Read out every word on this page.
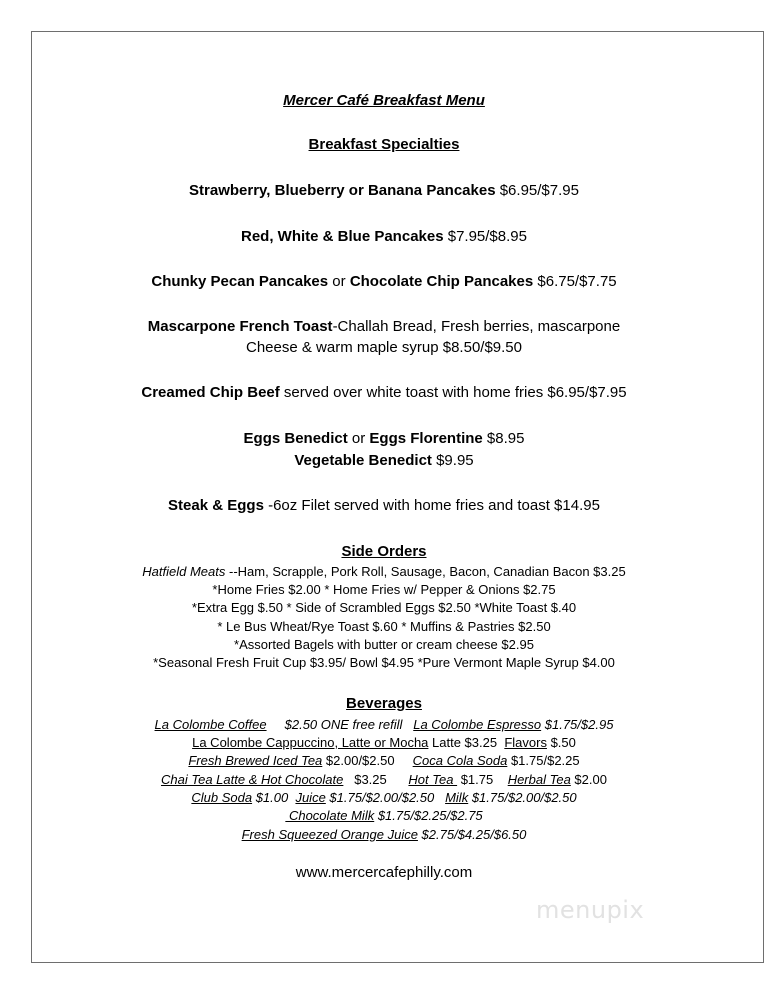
Mercer Café Breakfast Menu
Breakfast Specialties
Strawberry, Blueberry or Banana Pancakes $6.95/$7.95
Red, White & Blue Pancakes $7.95/$8.95
Chunky Pecan Pancakes or Chocolate Chip Pancakes $6.75/$7.75
Mascarpone French Toast-Challah Bread, Fresh berries, mascarpone
Cheese & warm maple syrup $8.50/$9.50
Creamed Chip Beef served over white toast with home fries $6.95/$7.95
Eggs Benedict or Eggs Florentine $8.95
Vegetable Benedict $9.95
Steak & Eggs -6oz Filet served with home fries and toast $14.95
Side Orders
Hatfield Meats --Ham, Scrapple, Pork Roll, Sausage, Bacon, Canadian Bacon $3.25
*Home Fries $2.00 * Home Fries w/ Pepper & Onions $2.75
*Extra Egg $.50 * Side of Scrambled Eggs $2.50 *White Toast $.40
* Le Bus Wheat/Rye Toast $.60 * Muffins & Pastries $2.50
*Assorted Bagels with butter or cream cheese $2.95
*Seasonal Fresh Fruit Cup $3.95/ Bowl $4.95 *Pure Vermont Maple Syrup $4.00
Beverages
La Colombe Coffee     $2.50 ONE free refill   La Colombe Espresso $1.75/$2.95
La Colombe Cappuccino, Latte or Mocha Latte $3.25  Flavors $.50
Fresh Brewed Iced Tea $2.00/$2.50     Coca Cola Soda $1.75/$2.25
Chai Tea Latte & Hot Chocolate   $3.25      Hot Tea  $1.75    Herbal Tea $2.00
Club Soda $1.00  Juice $1.75/$2.00/$2.50   Milk $1.75/$2.00/$2.50
Chocolate Milk $1.75/$2.25/$2.75
Fresh Squeezed Orange Juice $2.75/$4.25/$6.50
www.mercercafephilly.com
menupix
